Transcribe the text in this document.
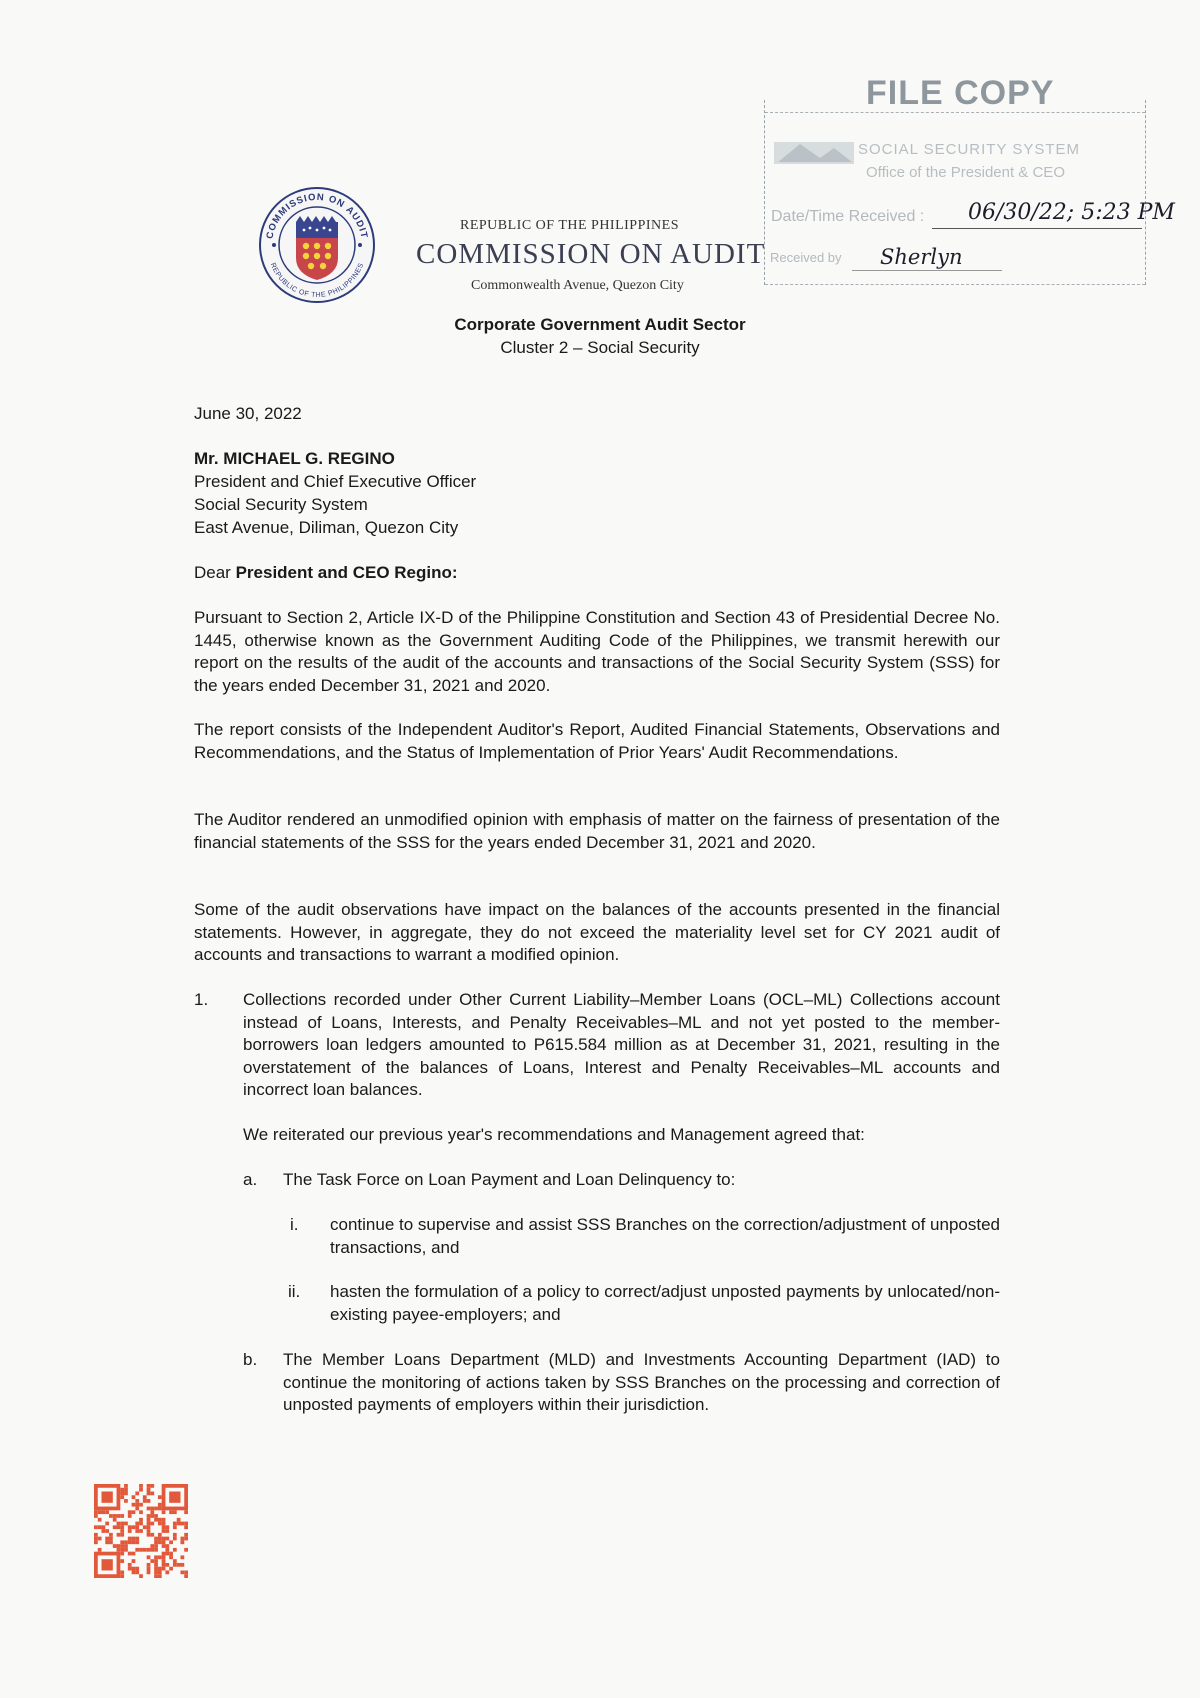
FILE COPY
SOCIAL SECURITY SYSTEM
Office of the President & CEO
Date/Time Received : 06/30/22; 5:23 PM
Received by Sherlyn
COMMISSION ON AUDIT
REPUBLIC OF THE PHILIPPINES
REPUBLIC OF THE PHILIPPINES
COMMISSION ON AUDIT
Commonwealth Avenue, Quezon City
Corporate Government Audit Sector
Cluster 2 – Social Security
June 30, 2022
Mr. MICHAEL G. REGINO
President and Chief Executive Officer
Social Security System
East Avenue, Diliman, Quezon City
Dear President and CEO Regino:
Pursuant to Section 2, Article IX-D of the Philippine Constitution and Section 43 of Presidential Decree No. 1445, otherwise known as the Government Auditing Code of the Philippines, we transmit herewith our report on the results of the audit of the accounts and transactions of the Social Security System (SSS) for the years ended December 31, 2021 and 2020.
The report consists of the Independent Auditor's Report, Audited Financial Statements, Observations and Recommendations, and the Status of Implementation of Prior Years' Audit Recommendations.
The Auditor rendered an unmodified opinion with emphasis of matter on the fairness of presentation of the financial statements of the SSS for the years ended December 31, 2021 and 2020.
Some of the audit observations have impact on the balances of the accounts presented in the financial statements. However, in aggregate, they do not exceed the materiality level set for CY 2021 audit of accounts and transactions to warrant a modified opinion.
1. Collections recorded under Other Current Liability–Member Loans (OCL–ML) Collections account instead of Loans, Interests, and Penalty Receivables–ML and not yet posted to the member-borrowers loan ledgers amounted to P615.584 million as at December 31, 2021, resulting in the overstatement of the balances of Loans, Interest and Penalty Receivables–ML accounts and incorrect loan balances.
We reiterated our previous year's recommendations and Management agreed that:
a. The Task Force on Loan Payment and Loan Delinquency to:
i. continue to supervise and assist SSS Branches on the correction/adjustment of unposted transactions, and
ii. hasten the formulation of a policy to correct/adjust unposted payments by unlocated/non-existing payee-employers; and
b. The Member Loans Department (MLD) and Investments Accounting Department (IAD) to continue the monitoring of actions taken by SSS Branches on the processing and correction of unposted payments of employers within their jurisdiction.
